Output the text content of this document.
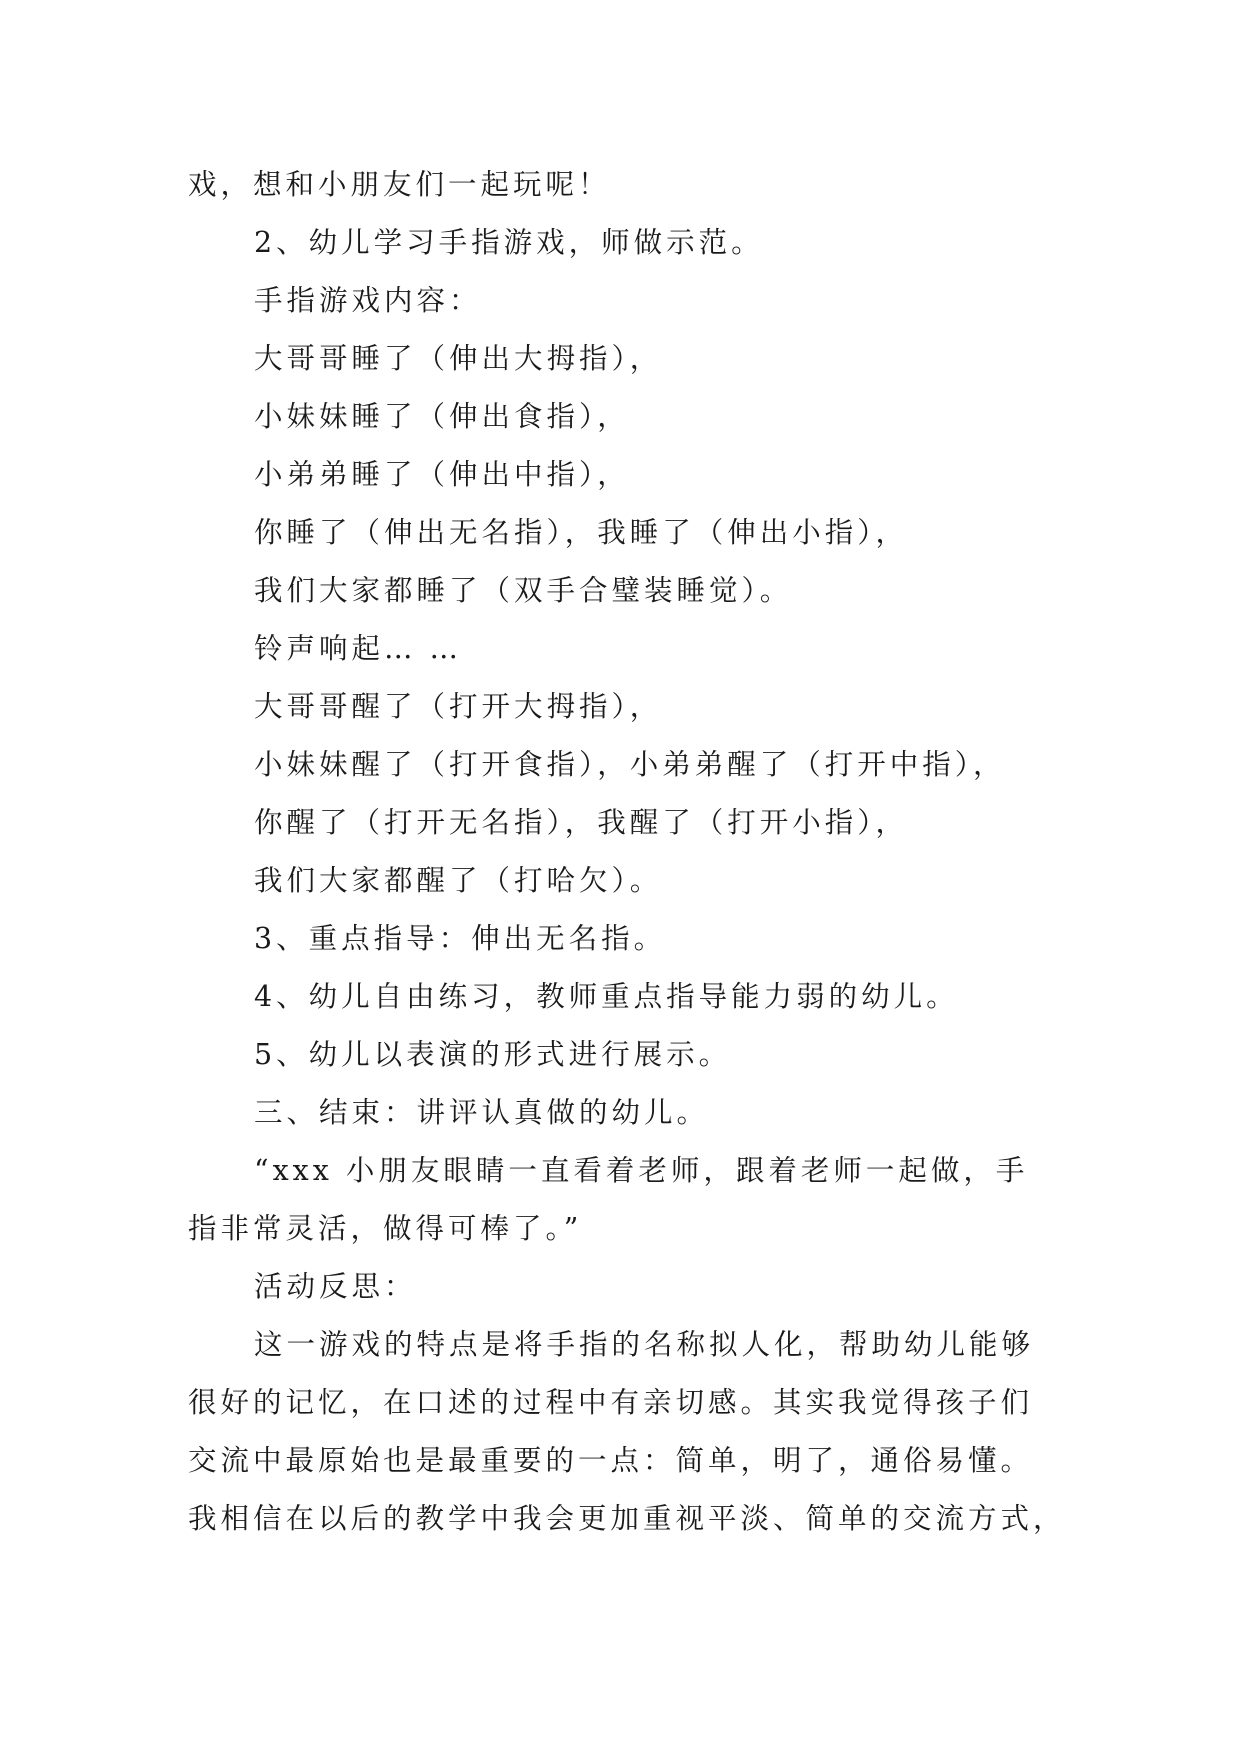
戏，想和小朋友们一起玩呢！

2、幼儿学习手指游戏，师做示范。

手指游戏内容：

大哥哥睡了（伸出大拇指），

小妹妹睡了（伸出食指），

小弟弟睡了（伸出中指），

你睡了（伸出无名指），我睡了（伸出小指），

我们大家都睡了（双手合璧装睡觉）。

铃声响起… …

大哥哥醒了（打开大拇指），

小妹妹醒了（打开食指），小弟弟醒了（打开中指），

你醒了（打开无名指），我醒了（打开小指），

我们大家都醒了（打哈欠）。

3、重点指导：伸出无名指。

4、幼儿自由练习，教师重点指导能力弱的幼儿。

5、幼儿以表演的形式进行展示。

三、结束：讲评认真做的幼儿。

“xxx 小朋友眼睛一直看着老师，跟着老师一起做，手

指非常灵活，做得可棒了。”

活动反思：

这一游戏的特点是将手指的名称拟人化，帮助幼儿能够

很好的记忆，在口述的过程中有亲切感。其实我觉得孩子们

交流中最原始也是最重要的一点：简单，明了，通俗易懂。

我相信在以后的教学中我会更加重视平淡、简单的交流方式，
